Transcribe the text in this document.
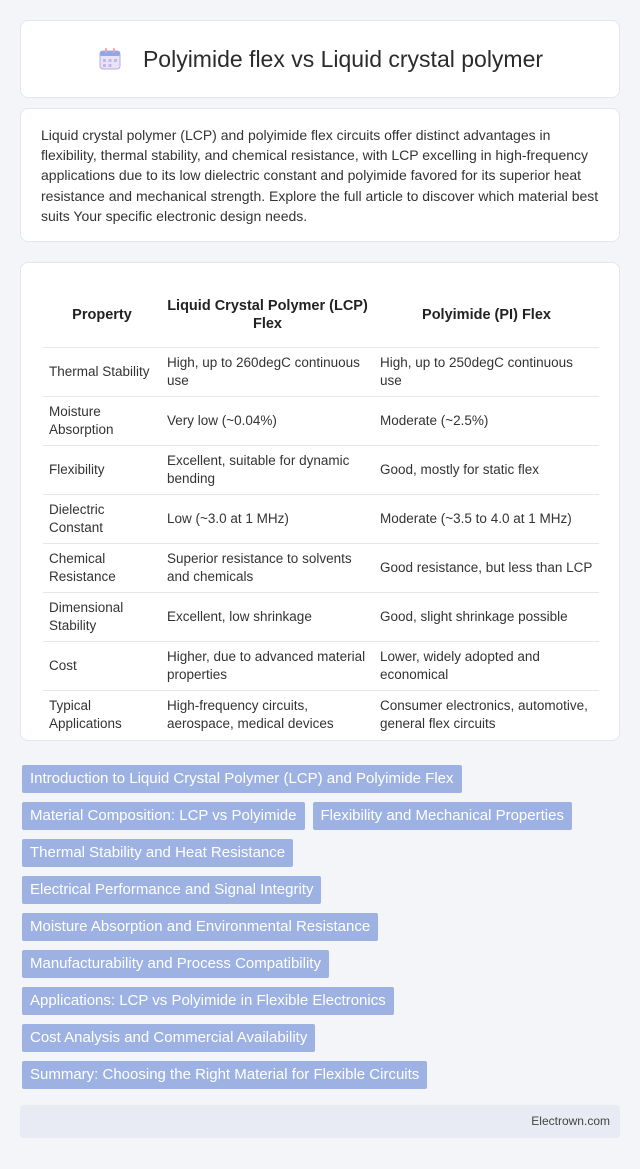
Polyimide flex vs Liquid crystal polymer

Liquid crystal polymer (LCP) and polyimide flex circuits offer distinct advantages in flexibility, thermal stability, and chemical resistance, with LCP excelling in high-frequency applications due to its low dielectric constant and polyimide favored for its superior heat resistance and mechanical strength. Explore the full article to discover which material best suits Your specific electronic design needs.

Property	Liquid Crystal Polymer (LCP) Flex	Polyimide (PI) Flex
Thermal Stability	High, up to 260degC continuous use	High, up to 250degC continuous use
Moisture Absorption	Very low (~0.04%)	Moderate (~2.5%)
Flexibility	Excellent, suitable for dynamic bending	Good, mostly for static flex
Dielectric Constant	Low (~3.0 at 1 MHz)	Moderate (~3.5 to 4.0 at 1 MHz)
Chemical Resistance	Superior resistance to solvents and chemicals	Good resistance, but less than LCP
Dimensional Stability	Excellent, low shrinkage	Good, slight shrinkage possible
Cost	Higher, due to advanced material properties	Lower, widely adopted and economical
Typical Applications	High-frequency circuits, aerospace, medical devices	Consumer electronics, automotive, general flex circuits
Introduction to Liquid Crystal Polymer (LCP) and Polyimide Flex
Material Composition: LCP vs Polyimide	Flexibility and Mechanical Properties
Thermal Stability and Heat Resistance
Electrical Performance and Signal Integrity
Moisture Absorption and Environmental Resistance
Manufacturability and Process Compatibility
Applications: LCP vs Polyimide in Flexible Electronics
Cost Analysis and Commercial Availability
Summary: Choosing the Right Material for Flexible Circuits
Electrown.com
